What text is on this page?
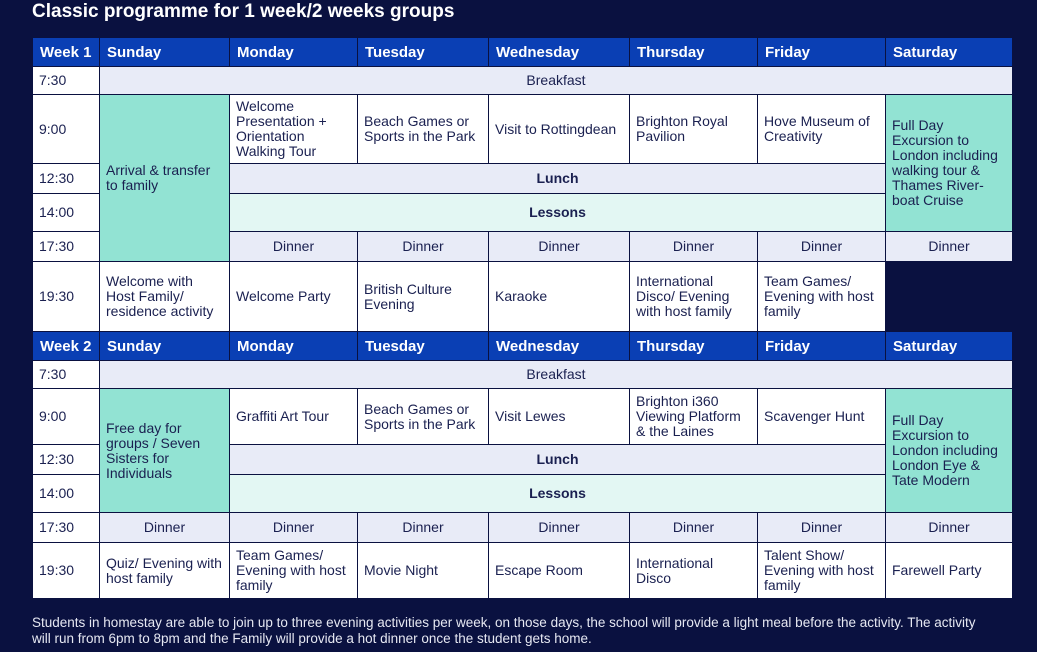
Classic programme for 1 week/2 weeks groups
Week 1	Sunday	Monday	Tuesday	Wednesday	Thursday	Friday	Saturday
7:30	Breakfast						
9:00	Arrival & transfer to family	Welcome Presentation + Orientation Walking Tour	Beach Games or Sports in the Park	Visit to Rottingdean	Brighton Royal Pavilion	Hove Museum of Creativity	Full Day Excursion to London including walking tour & Thames River-boat Cruise
12:30		Lunch					
14:00		Lessons					
17:30		Dinner	Dinner	Dinner	Dinner	Dinner	Dinner
19:30	Welcome with Host Family/ residence activity	Welcome Party	British Culture Evening	Karaoke	International Disco/ Evening with host family	Team Games/ Evening with host family	
Week 2	Sunday	Monday	Tuesday	Wednesday	Thursday	Friday	Saturday
7:30	Breakfast						
9:00	Free day for groups / Seven Sisters for Individuals	Graffiti Art Tour	Beach Games or Sports in the Park	Visit Lewes	Brighton i360 Viewing Platform & the Laines	Scavenger Hunt	Full Day Excursion to London including London Eye & Tate Modern
12:30		Lunch					
14:00		Lessons					
17:30	Dinner	Dinner	Dinner	Dinner	Dinner	Dinner	Dinner
19:30	Quiz/ Evening with host family	Team Games/ Evening with host family	Movie Night	Escape Room	International Disco	Talent Show/ Evening with host family	Farewell Party
Students in homestay are able to join up to three evening activities per week, on those days, the school will provide a light meal before the activity. The activity will run from 6pm to 8pm and the Family will provide a hot dinner once the student gets home.
